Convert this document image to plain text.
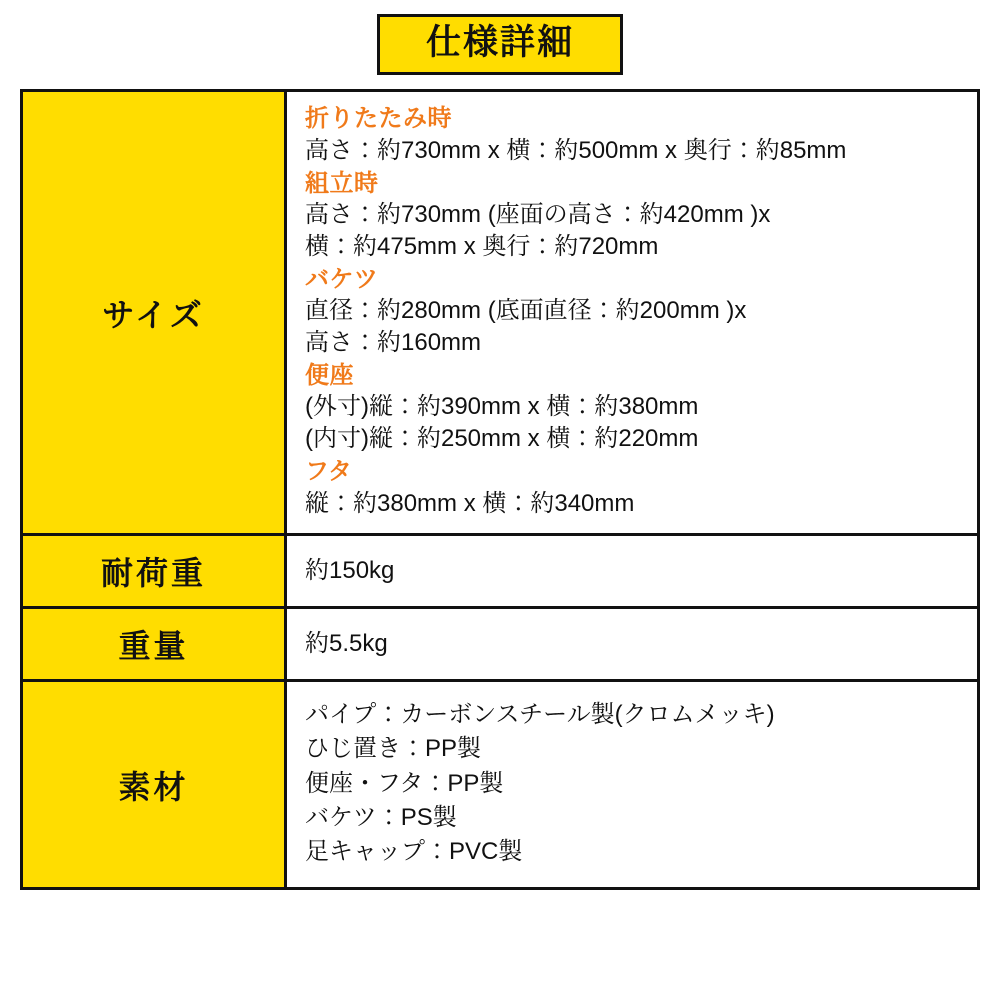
仕様詳細
サイズ	
折りたたみ時
高さ：約730mm x 横：約500mm x 奥行：約85mm
組立時
高さ：約730mm (座面の高さ：約420mm )x
横：約475mm x 奥行：約720mm
バケツ
直径：約280mm (底面直径：約200mm )x
高さ：約160mm
便座
(外寸)縦：約390mm x 横：約380mm
(内寸)縦：約250mm x 横：約220mm
フタ
縦：約380mm x 横：約340mm

耐荷重	約150kg

重量	約5.5kg

素材	パイプ：カーボンスチール製(クロムメッキ)
ひじ置き：PP製
便座・フタ：PP製
バケツ：PS製
足キャップ：PVC製
